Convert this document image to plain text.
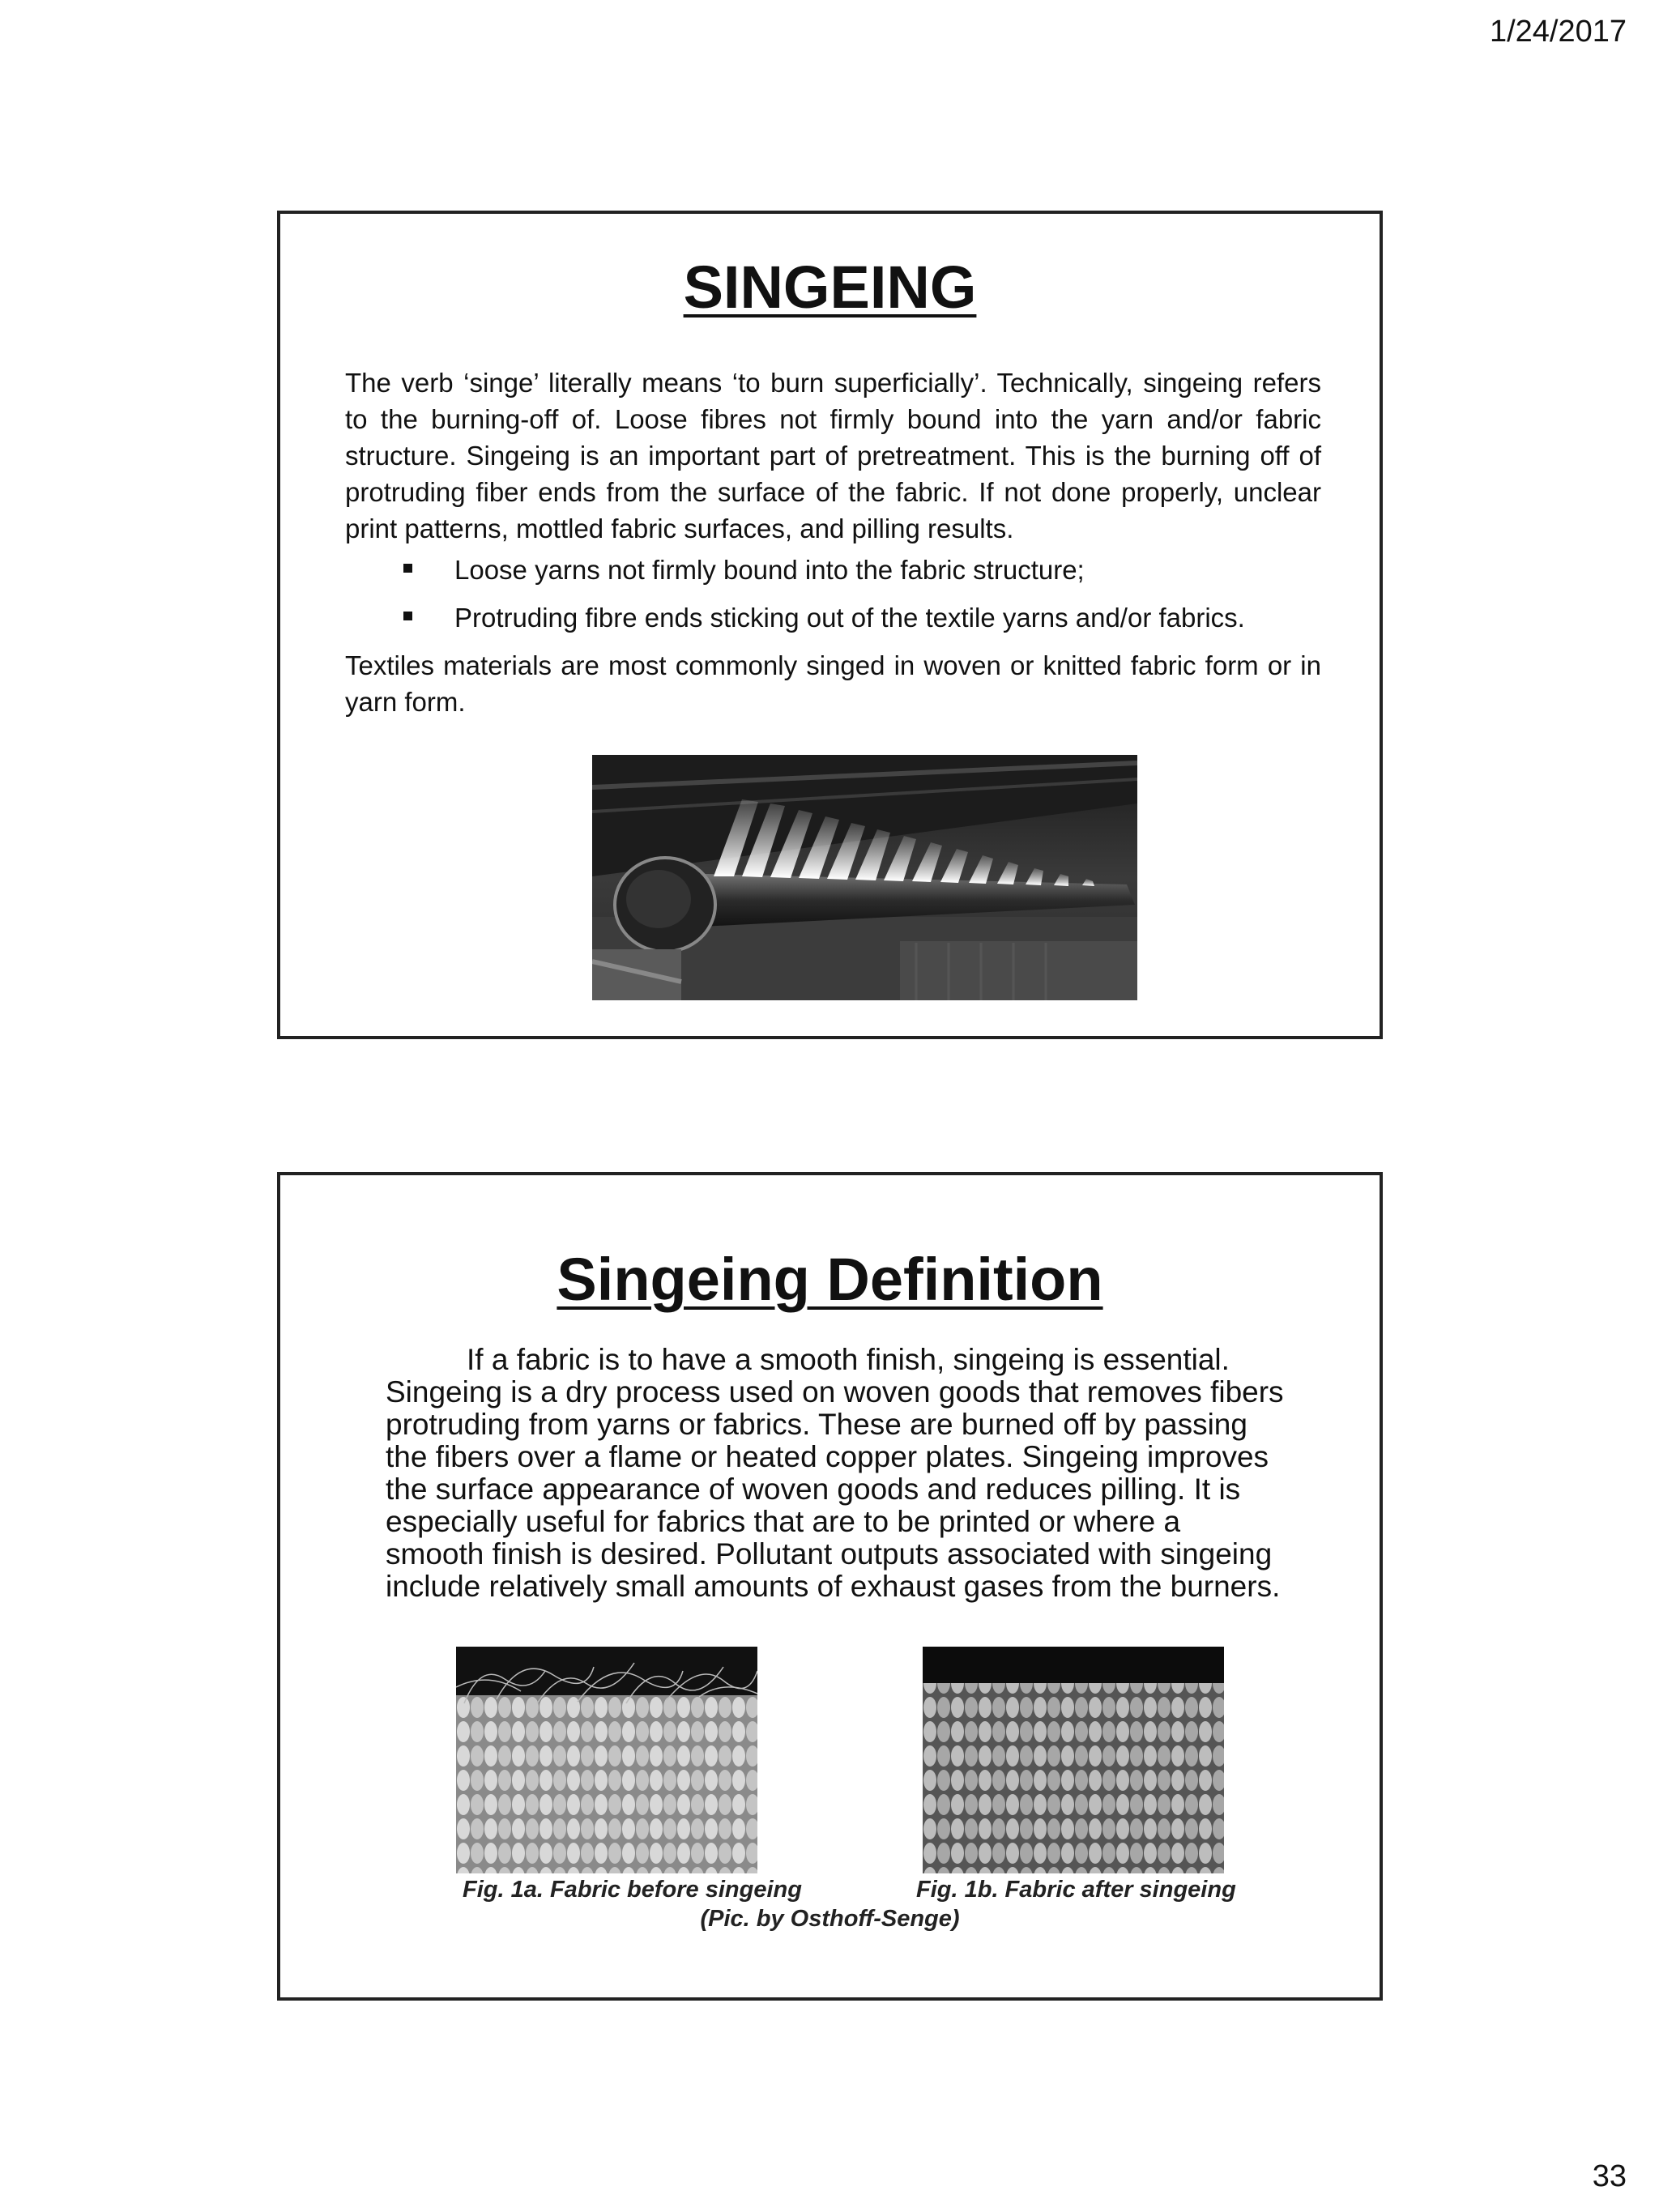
1/24/2017
SINGEING

The verb ‘singe’ literally means ‘to burn superficially’. Technically, singeing refers to the burning-off of. Loose fibres not firmly bound into the yarn and/or fabric structure. Singeing is an important part of pretreatment. This is the burning off of protruding fiber ends from the surface of the fabric. If not done properly, unclear print patterns, mottled fabric surfaces, and pilling results.

Loose yarns not firmly bound into the fabric structure;
Protruding fibre ends sticking out of the textile yarns and/or fabrics.

Textiles materials are most commonly singed in woven or knitted fabric form or in yarn form.

Singeing Definition
If a fabric is to have a smooth finish, singeing is essential.
Singeing is a dry process used on woven goods that removes fibers
protruding from yarns or fabrics. These are burned off by passing
the fibers over a flame or heated copper plates. Singeing improves
the surface appearance of woven goods and reduces pilling. It is
especially useful for fabrics that are to be printed or where a
smooth finish is desired. Pollutant outputs associated with singeing
include relatively small amounts of exhaust gases from the burners.
Fig. 1a. Fabric before singeing	Fig. 1b. Fabric after singeing
(Pic. by Osthoff-Senge)
33
